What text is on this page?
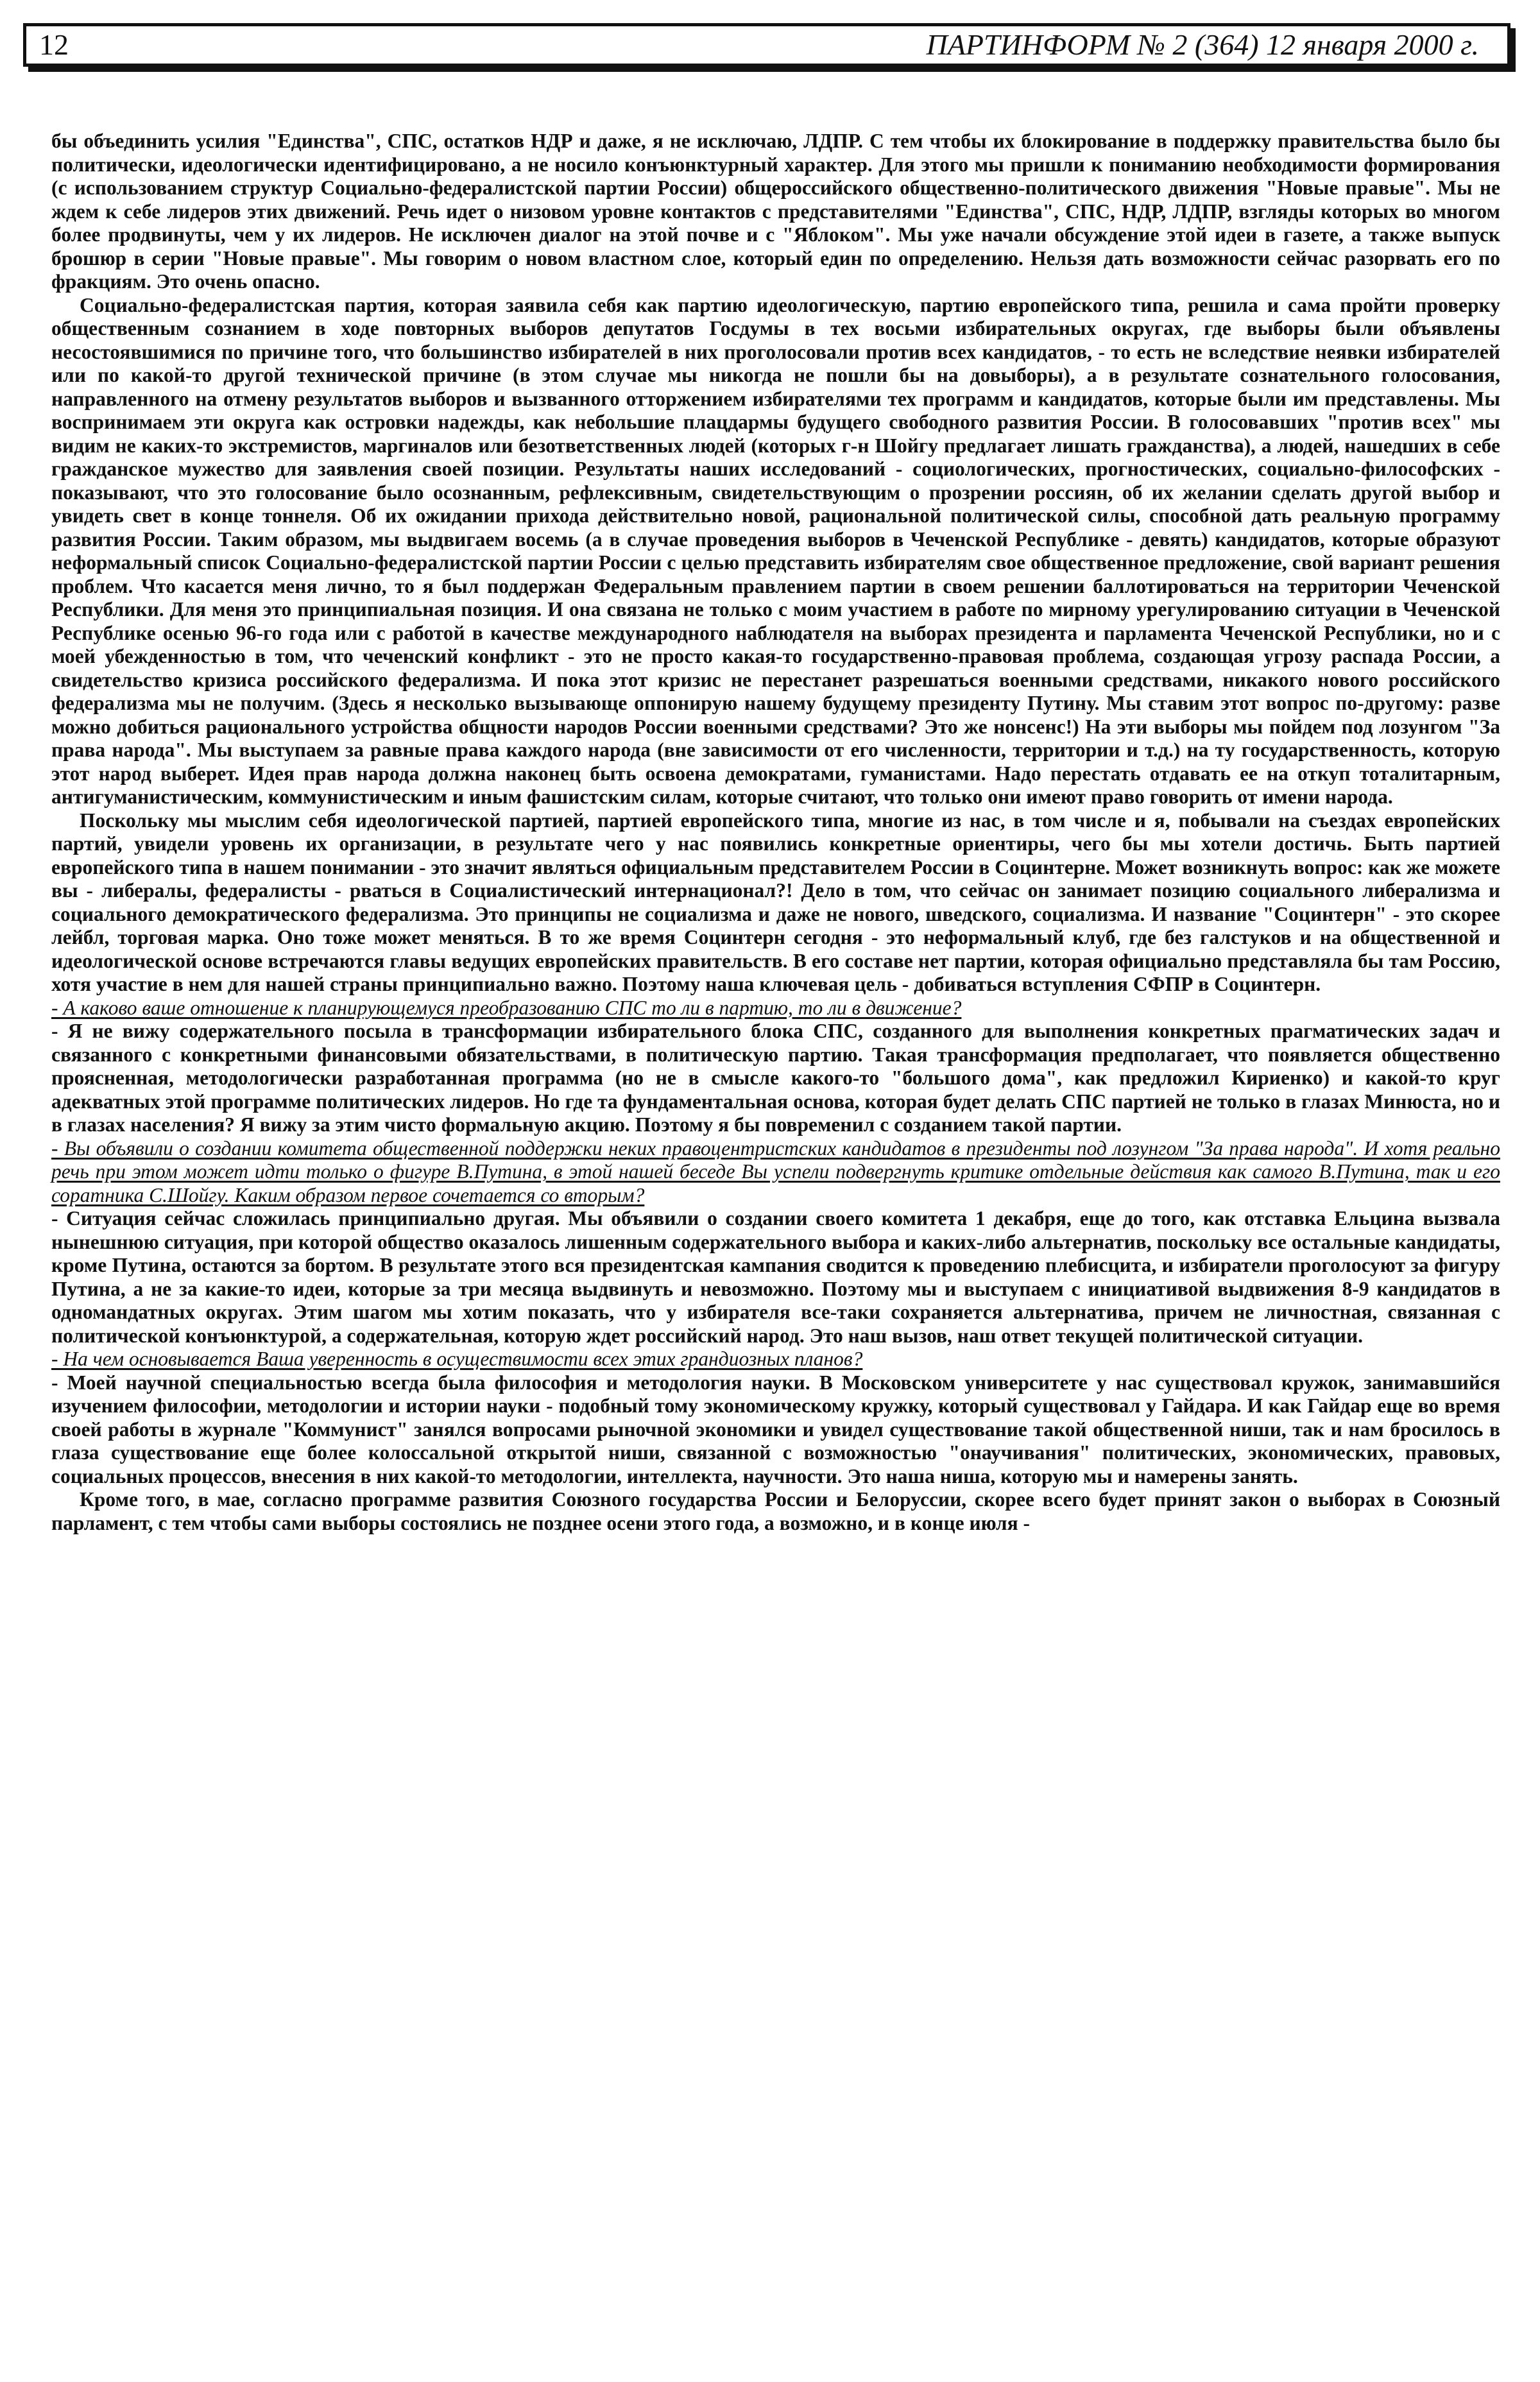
12	ПАРТИНФОРМ № 2 (364) 12 января 2000 г.

бы объединить усилия "Единства", СПС, остатков НДР и даже, я не исключаю, ЛДПР. С тем чтобы их блокирование в поддержку правительства было бы политически, идеологически идентифицировано, а не носило конъюнктурный характер. Для этого мы пришли к пониманию необходимости формирования (с использованием структур Социально-федералистской партии России) общероссийского общественно-политического движения "Новые правые". Мы не ждем к себе лидеров этих движений. Речь идет о низовом уровне контактов с представителями "Единства", СПС, НДР, ЛДПР, взгляды которых во многом более продвинуты, чем у их лидеров. Не исключен диалог на этой почве и с "Яблоком". Мы уже начали обсуждение этой идеи в газете, а также выпуск брошюр в серии "Новые правые". Мы говорим о новом властном слое, который един по определению. Нельзя дать возможности сейчас разорвать его по фракциям. Это очень опасно.

Социально-федералистская партия, которая заявила себя как партию идеологическую, партию европейского типа, решила и сама пройти проверку общественным сознанием в ходе повторных выборов депутатов Госдумы в тех восьми избирательных округах, где выборы были объявлены несостоявшимися по причине того, что большинство избирателей в них проголосовали против всех кандидатов, - то есть не вследствие неявки избирателей или по какой-то другой технической причине (в этом случае мы никогда не пошли бы на довыборы), а в результате сознательного голосования, направленного на отмену результатов выборов и вызванного отторжением избирателями тех программ и кандидатов, которые были им представлены. Мы воспринимаем эти округа как островки надежды, как небольшие плацдармы будущего свободного развития России. В голосовавших "против всех" мы видим не каких-то экстремистов, маргиналов или безответственных людей (которых г-н Шойгу предлагает лишать гражданства), а людей, нашедших в себе гражданское мужество для заявления своей позиции. Результаты наших исследований - социологических, прогностических, социально-философских - показывают, что это голосование было осознанным, рефлексивным, свидетельствующим о прозрении россиян, об их желании сделать другой выбор и увидеть свет в конце тоннеля. Об их ожидании прихода действительно новой, рациональной политической силы, способной дать реальную программу развития России. Таким образом, мы выдвигаем восемь (а в случае проведения выборов в Чеченской Республике - девять) кандидатов, которые образуют неформальный список Социально-федералистской партии России с целью представить избирателям свое общественное предложение, свой вариант решения проблем. Что касается меня лично, то я был поддержан Федеральным правлением партии в своем решении баллотироваться на территории Чеченской Республики. Для меня это принципиальная позиция. И она связана не только с моим участием в работе по мирному урегулированию ситуации в Чеченской Республике осенью 96-го года или с работой в качестве международного наблюдателя на выборах президента и парламента Чеченской Республики, но и с моей убежденностью в том, что чеченский конфликт - это не просто какая-то государственно-правовая проблема, создающая угрозу распада России, а свидетельство кризиса российского федерализма. И пока этот кризис не перестанет разрешаться военными средствами, никакого нового российского федерализма мы не получим. (Здесь я несколько вызывающе оппонирую нашему будущему президенту Путину. Мы ставим этот вопрос по-другому: разве можно добиться рационального устройства общности народов России военными средствами? Это же нонсенс!) На эти выборы мы пойдем под лозунгом "За права народа". Мы выступаем за равные права каждого народа (вне зависимости от его численности, территории и т.д.) на ту государственность, которую этот народ выберет. Идея прав народа должна наконец быть освоена демократами, гуманистами. Надо перестать отдавать ее на откуп тоталитарным, антигуманистическим, коммунистическим и иным фашистским силам, которые считают, что только они имеют право говорить от имени народа.

Поскольку мы мыслим себя идеологической партией, партией европейского типа, многие из нас, в том числе и я, побывали на съездах европейских партий, увидели уровень их организации, в результате чего у нас появились конкретные ориентиры, чего бы мы хотели достичь. Быть партией европейского типа в нашем понимании - это значит являться официальным представителем России в Социнтерне. Может возникнуть вопрос: как же можете вы - либералы, федералисты - рваться в Социалистический интернационал?! Дело в том, что сейчас он занимает позицию социального либерализма и социального демократического федерализма. Это принципы не социализма и даже не нового, шведского, социализма. И название "Социнтерн" - это скорее лейбл, торговая марка. Оно тоже может меняться. В то же время Социнтерн сегодня - это неформальный клуб, где без галстуков и на общественной и идеологической основе встречаются главы ведущих европейских правительств. В его составе нет партии, которая официально представляла бы там Россию, хотя участие в нем для нашей страны принципиально важно. Поэтому наша ключевая цель - добиваться вступления СФПР в Социнтерн.

- А каково ваше отношение к планирующемуся преобразованию СПС то ли в партию, то ли в движение?

- Я не вижу содержательного посыла в трансформации избирательного блока СПС, созданного для выполнения конкретных прагматических задач и связанного с конкретными финансовыми обязательствами, в политическую партию. Такая трансформация предполагает, что появляется общественно проясненная, методологически разработанная программа (но не в смысле какого-то "большого дома", как предложил Кириенко) и какой-то круг адекватных этой программе политических лидеров. Но где та фундаментальная основа, которая будет делать СПС партией не только в глазах Минюста, но и в глазах населения? Я вижу за этим чисто формальную акцию. Поэтому я бы повременил с созданием такой партии.

- Вы объявили о создании комитета общественной поддержки неких правоцентристских кандидатов в президенты под лозунгом "За права народа". И хотя реально речь при этом может идти только о фигуре В.Путина, в этой нашей беседе Вы успели подвергнуть критике отдельные действия как самого В.Путина, так и его соратника С.Шойгу. Каким образом первое сочетается со вторым?

- Ситуация сейчас сложилась принципиально другая. Мы объявили о создании своего комитета 1 декабря, еще до того, как отставка Ельцина вызвала нынешнюю ситуация, при которой общество оказалось лишенным содержательного выбора и каких-либо альтернатив, поскольку все остальные кандидаты, кроме Путина, остаются за бортом. В результате этого вся президентская кампания сводится к проведению плебисцита, и избиратели проголосуют за фигуру Путина, а не за какие-то идеи, которые за три месяца выдвинуть и невозможно. Поэтому мы и выступаем с инициативой выдвижения 8-9 кандидатов в одномандатных округах. Этим шагом мы хотим показать, что у избирателя все-таки сохраняется альтернатива, причем не личностная, связанная с политической конъюнктурой, а содержательная, которую ждет российский народ. Это наш вызов, наш ответ текущей политической ситуации.

- На чем основывается Ваша уверенность в осуществимости всех этих грандиозных планов?

- Моей научной специальностью всегда была философия и методология науки. В Московском университете у нас существовал кружок, занимавшийся изучением философии, методологии и истории науки - подобный тому экономическому кружку, который существовал у Гайдара. И как Гайдар еще во время своей работы в журнале "Коммунист" занялся вопросами рыночной экономики и увидел существование такой общественной ниши, так и нам бросилось в глаза существование еще более колоссальной открытой ниши, связанной с возможностью "онаучивания" политических, экономических, правовых, социальных процессов, внесения в них какой-то методологии, интеллекта, научности. Это наша ниша, которую мы и намерены занять.

Кроме того, в мае, согласно программе развития Союзного государства России и Белоруссии, скорее всего будет принят закон о выборах в Союзный парламент, с тем чтобы сами выборы состоялись не позднее осени этого года, а возможно, и в конце июля -
